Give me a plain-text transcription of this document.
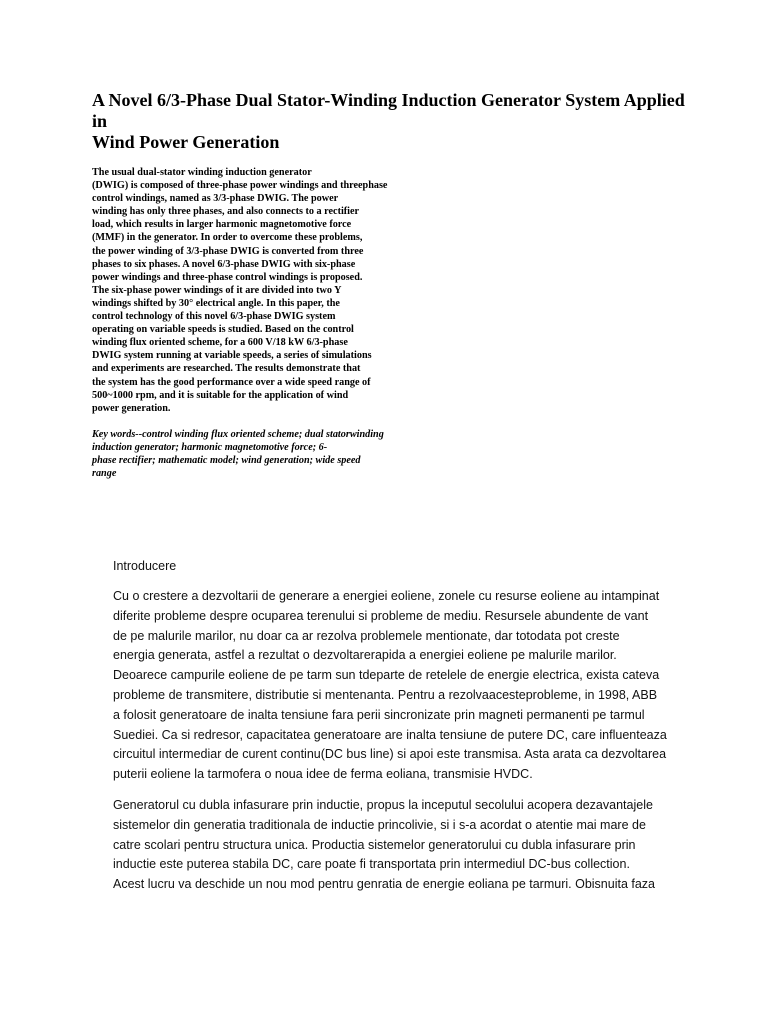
A Novel 6/3-Phase Dual Stator-Winding Induction Generator System Applied
in
Wind Power Generation
The usual dual-stator winding induction generator
(DWIG) is composed of three-phase power windings and threephase
control windings, named as 3/3-phase DWIG. The power
winding has only three phases, and also connects to a rectifier
load, which results in larger harmonic magnetomotive force
(MMF) in the generator. In order to overcome these problems,
the power winding of 3/3-phase DWIG is converted from three
phases to six phases. A novel 6/3-phase DWIG with six-phase
power windings and three-phase control windings is proposed.
The six-phase power windings of it are divided into two Y
windings shifted by 30° electrical angle. In this paper, the
control technology of this novel 6/3-phase DWIG system
operating on variable speeds is studied. Based on the control
winding flux oriented scheme, for a 600 V/18 kW 6/3-phase
DWIG system running at variable speeds, a series of simulations
and experiments are researched. The results demonstrate that
the system has the good performance over a wide speed range of
500~1000 rpm, and it is suitable for the application of wind
power generation.
Key words--control winding flux oriented scheme; dual statorwinding
induction generator; harmonic magnetomotive force; 6-
phase rectifier; mathematic model; wind generation; wide speed
range
Introducere
Cu o crestere a dezvoltarii de generare a energiei eoliene, zonele cu resurse eoliene au intampinat
diferite probleme despre ocuparea terenului si probleme de mediu. Resursele abundente de vant
de pe malurile marilor, nu doar ca ar rezolva problemele mentionate, dar totodata pot creste
energia generata, astfel a rezultat o dezvoltarerapida a energiei eoliene pe malurile marilor.
Deoarece campurile eoliene de pe tarm sun tdeparte de retelele de energie electrica, exista cateva
probleme de transmitere, distributie si mentenanta. Pentru a rezolvaacesteprobleme, in 1998, ABB
a folosit generatoare de inalta tensiune fara perii sincronizate prin magneti permanenti pe tarmul
Suediei. Ca si redresor, capacitatea generatoare are inalta tensiune de putere DC, care influenteaza
circuitul intermediar de curent continu(DC bus line) si apoi este transmisa. Asta arata ca dezvoltarea
puterii eoliene la tarmofera o noua idee de ferma eoliana, transmisie HVDC.
Generatorul cu dubla infasurare prin inductie, propus la inceputul secolului acopera dezavantajele
sistemelor din generatia traditionala de inductie princolivie, si i s-a acordat o atentie mai mare de
catre scolari pentru structura unica. Productia sistemelor generatorului cu dubla infasurare prin
inductie este puterea stabila DC, care poate fi transportata prin intermediul DC-bus collection.
Acest lucru va deschide un nou mod pentru genratia de energie eoliana pe tarmuri. Obisnuita faza
